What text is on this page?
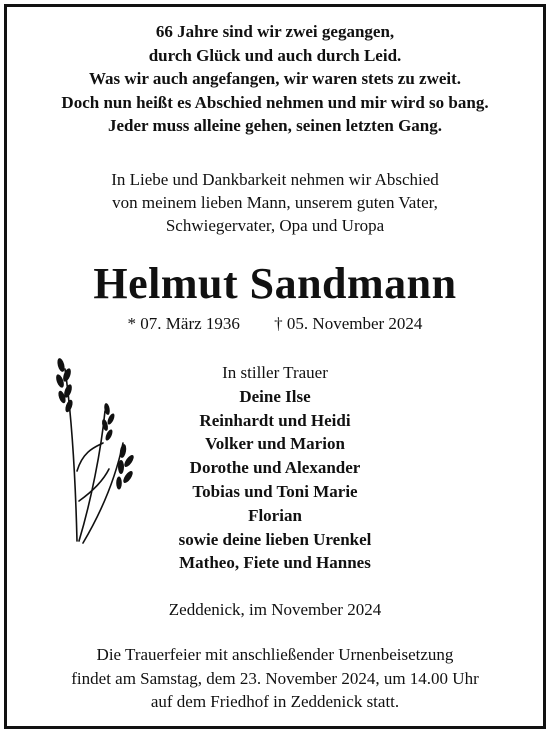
66 Jahre sind wir zwei gegangen,
durch Glück und auch durch Leid.
Was wir auch angefangen, wir waren stets zu zweit.
Doch nun heißt es Abschied nehmen und mir wird so bang.
Jeder muss alleine gehen, seinen letzten Gang.
In Liebe und Dankbarkeit nehmen wir Abschied
von meinem lieben Mann, unserem guten Vater,
Schwiegervater, Opa und Uropa
Helmut Sandmann
* 07. März 1936 † 05. November 2024
In stiller Trauer
Deine Ilse
Reinhardt und Heidi
Volker und Marion
Dorothe und Alexander
Tobias und Toni Marie
Florian
sowie deine lieben Urenkel
Matheo, Fiete und Hannes
Zeddenick, im November 2024
Die Trauerfeier mit anschließender Urnenbeisetzung
findet am Samstag, dem 23. November 2024, um 14.00 Uhr
auf dem Friedhof in Zeddenick statt.
